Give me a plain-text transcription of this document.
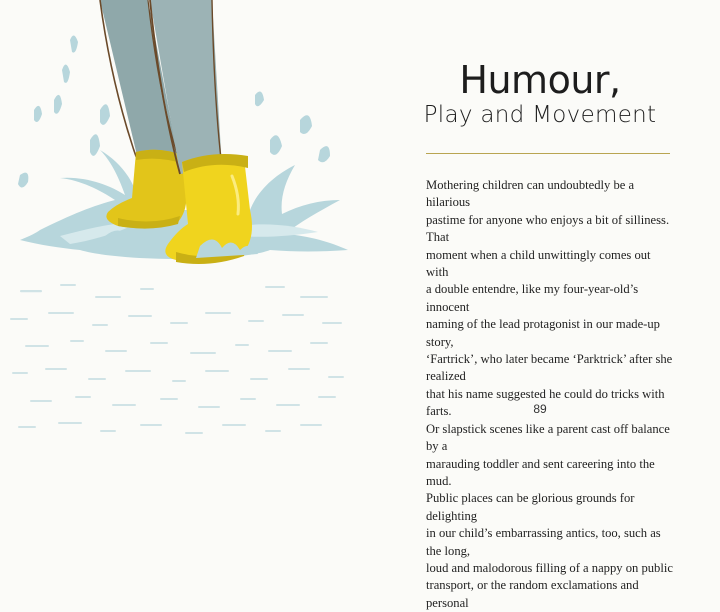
Humour,
Play and Movement

Mothering children can undoubtedly be a hilarious
pastime for anyone who enjoys a bit of silliness. That
moment when a child unwittingly comes out with
a double entendre, like my four-year-old’s innocent
naming of the lead protagonist in our made-up story,
‘Fartrick’, who later became ‘Parktrick’ after she realized
that his name suggested he could do tricks with farts.
Or slapstick scenes like a parent cast off balance by a
marauding toddler and sent careering into the mud.
Public places can be glorious grounds for delighting
in our child’s embarrassing antics, too, such as the long,
loud and malodorous filling of a nappy on public
transport, or the random exclamations and personal

89
